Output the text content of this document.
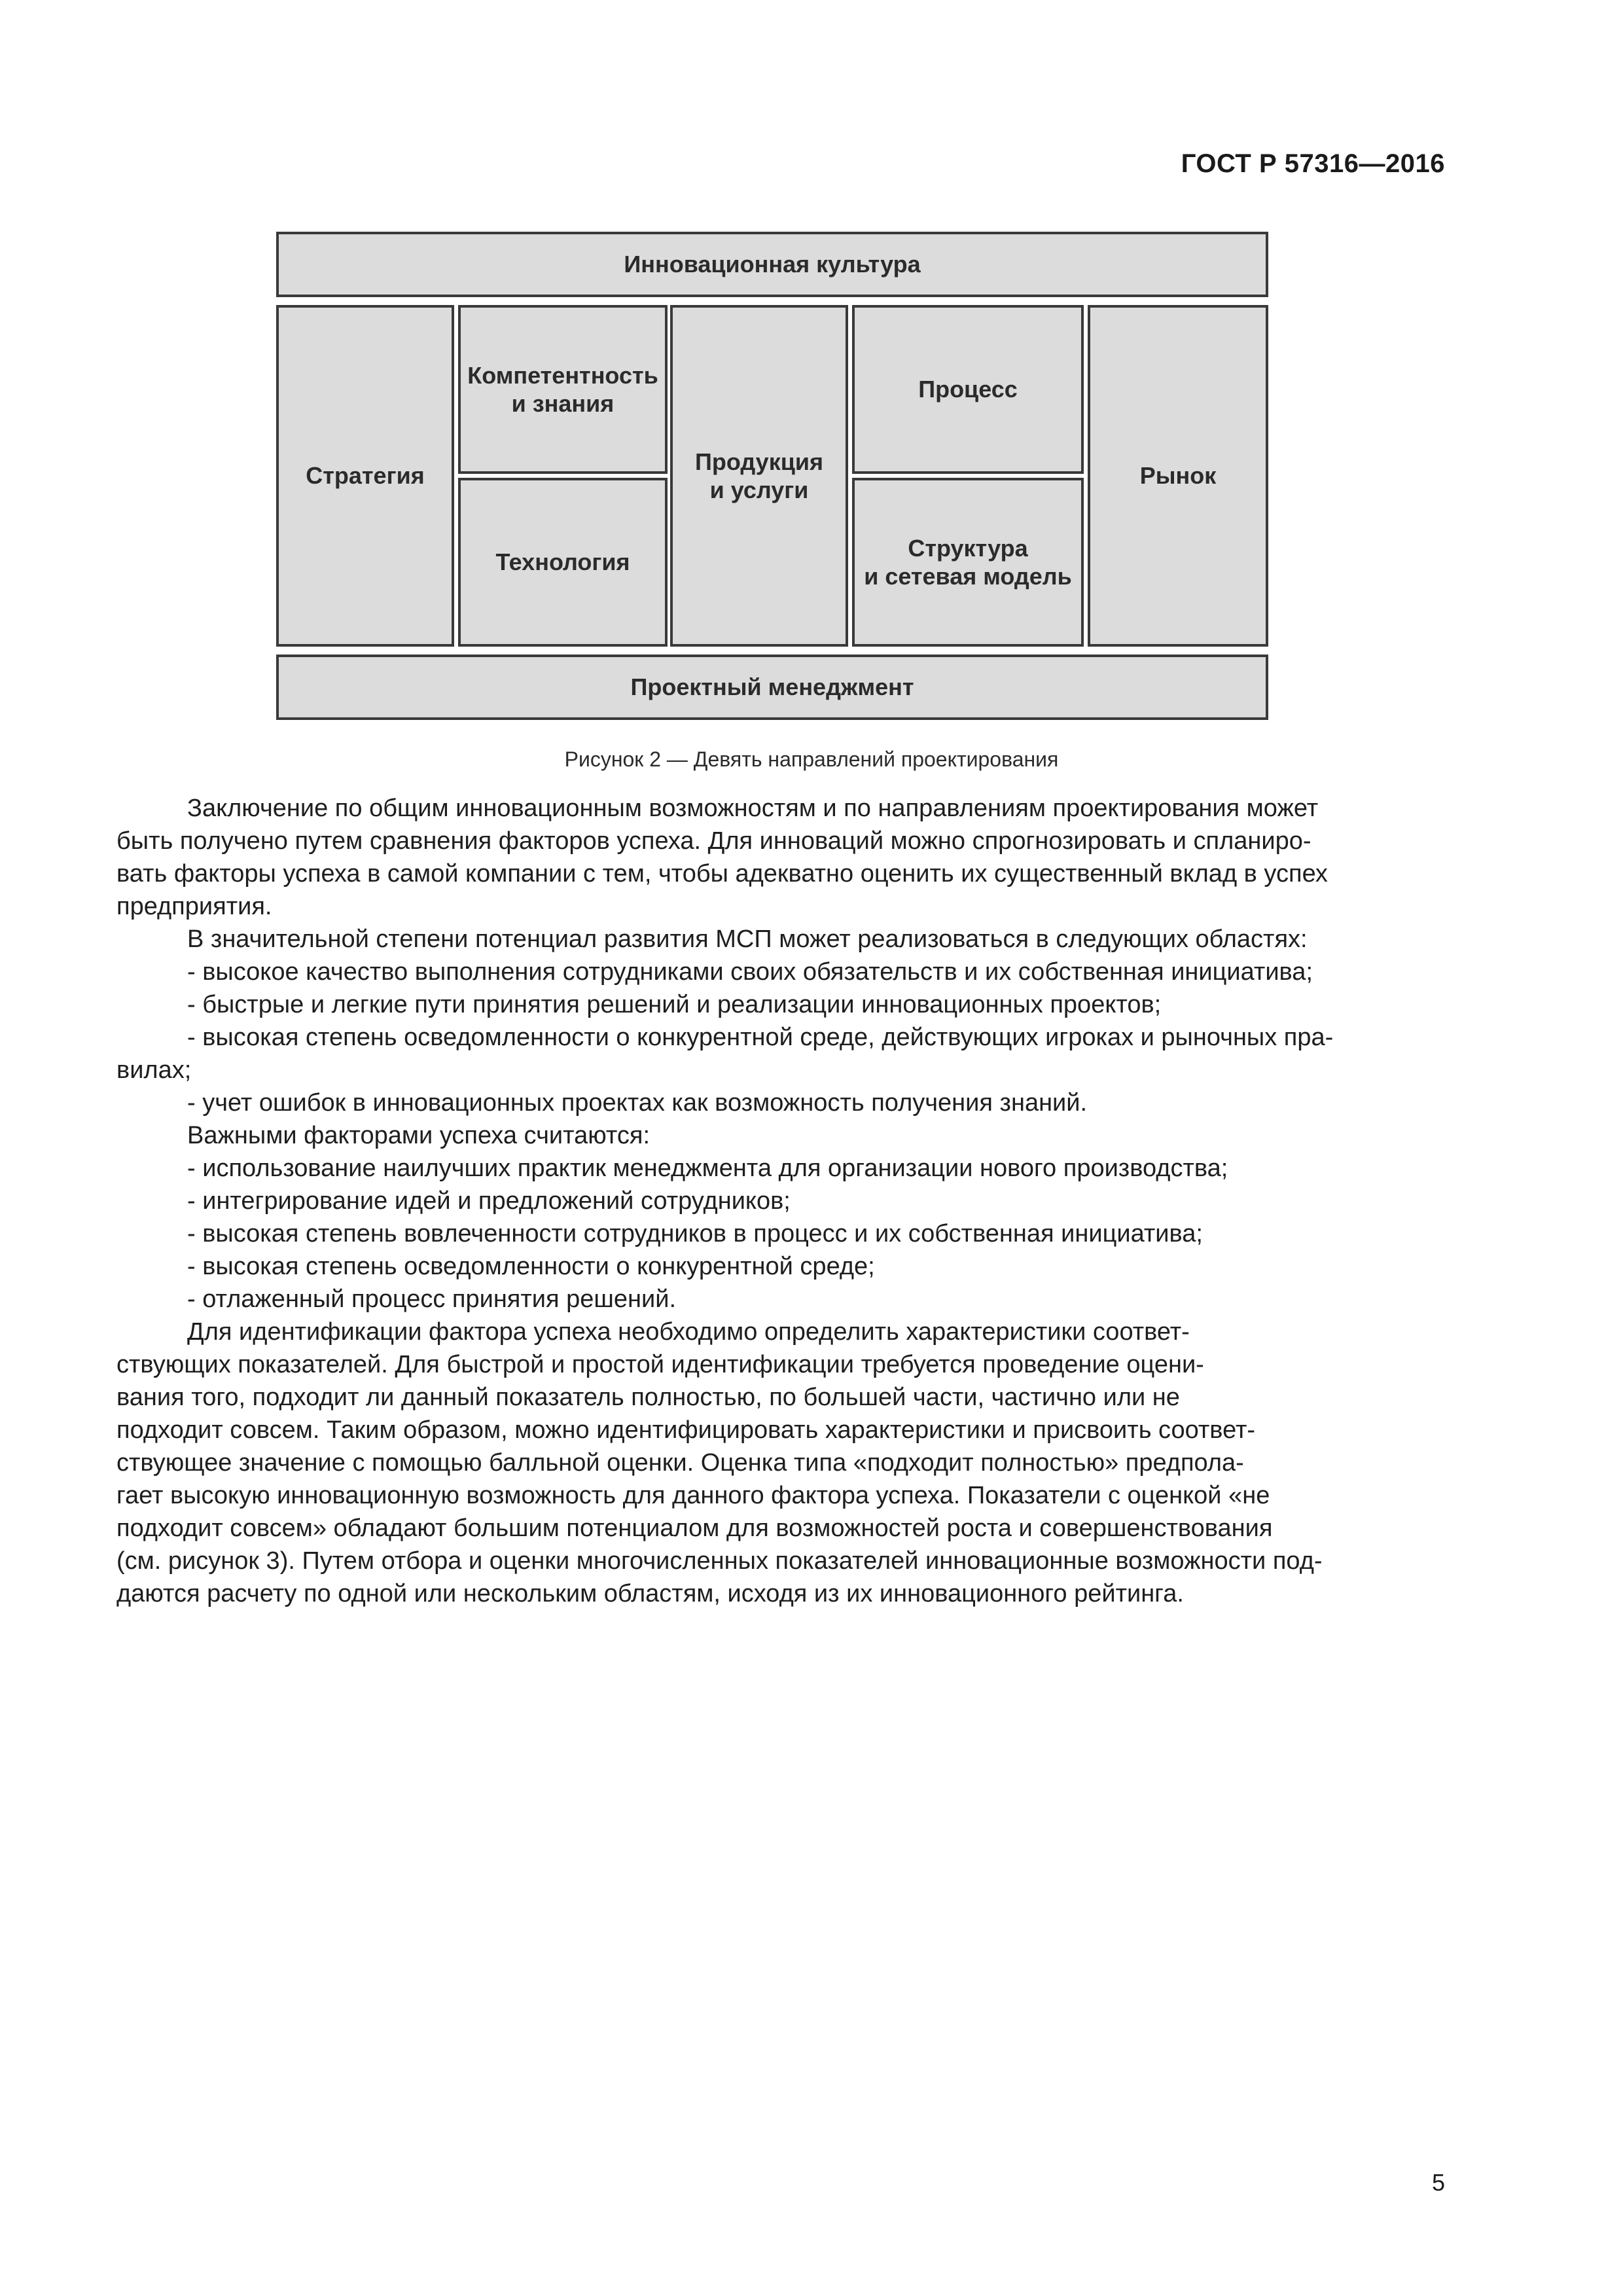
ГОСТ Р 57316—2016
Инновационная культура
Стратегия
Компетентность
и знания
Технология
Продукция
и услуги
Процесс
Структура
и сетевая модель
Рынок
Проектный менеджмент
Рисунок 2 — Девять направлений проектирования

Заключение по общим инновационным возможностям и по направлениям проектирования может

быть получено путем сравнения факторов успеха. Для инноваций можно спрогнозировать и спланиро-

вать факторы успеха в самой компании с тем, чтобы адекватно оценить их существенный вклад в успех

предприятия.

В значительной степени потенциал развития МСП может реализоваться в следующих областях:

- высокое качество выполнения сотрудниками своих обязательств и их собственная инициатива;

- быстрые и легкие пути принятия решений и реализации инновационных проектов;

- высокая степень осведомленности о конкурентной среде, действующих игроках и рыночных пра-

вилах;

- учет ошибок в инновационных проектах как возможность получения знаний.

Важными факторами успеха считаются:

- использование наилучших практик менеджмента для организации нового производства;

- интегрирование идей и предложений сотрудников;

- высокая степень вовлеченности сотрудников в процесс и их собственная инициатива;

- высокая степень осведомленности о конкурентной среде;

- отлаженный процесс принятия решений.

Для идентификации фактора успеха необходимо определить характеристики соответ-

ствующих показателей. Для быстрой и простой идентификации требуется проведение оцени-

вания того, подходит ли данный показатель полностью, по большей части, частично или не

подходит совсем. Таким образом, можно идентифицировать характеристики и присвоить соответ-

ствующее значение с помощью балльной оценки. Оценка типа «подходит полностью» предпола-

гает высокую инновационную возможность для данного фактора успеха. Показатели с оценкой «не

подходит совсем» обладают большим потенциалом для возможностей роста и совершенствования

(см. рисунок 3). Путем отбора и оценки многочисленных показателей инновационные возможности под-

даются расчету по одной или нескольким областям, исходя из их инновационного рейтинга.

5
